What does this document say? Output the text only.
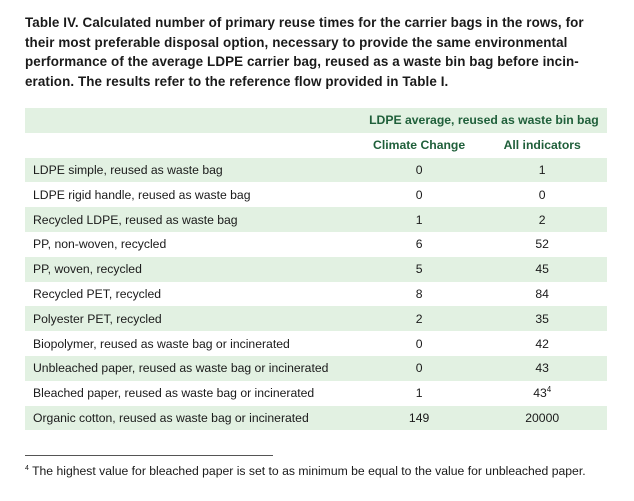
Table IV. Calculated number of primary reuse times for the carrier bags in the rows, for their most preferable disposal option, necessary to provide the same environmental performance of the average LDPE carrier bag, reused as a waste bin bag before incin-eration. The results refer to the reference flow provided in Table I.
	LDPE average, reused as waste bin bag	
	Climate Change	All indicators
LDPE simple, reused as waste bag	0	1
LDPE rigid handle, reused as waste bag	0	0
Recycled LDPE, reused as waste bag	1	2
PP, non-woven, recycled	6	52
PP, woven, recycled	5	45
Recycled PET, recycled	8	84
Polyester PET, recycled	2	35
Biopolymer, reused as waste bag or incinerated	0	42
Unbleached paper, reused as waste bag or incinerated	0	43
Bleached paper, reused as waste bag or incinerated	1	$43^4$
Organic cotton, reused as waste bag or incinerated	149	20000
$^4$ The highest value for bleached paper is set to as minimum be equal to the value for unbleached paper.
